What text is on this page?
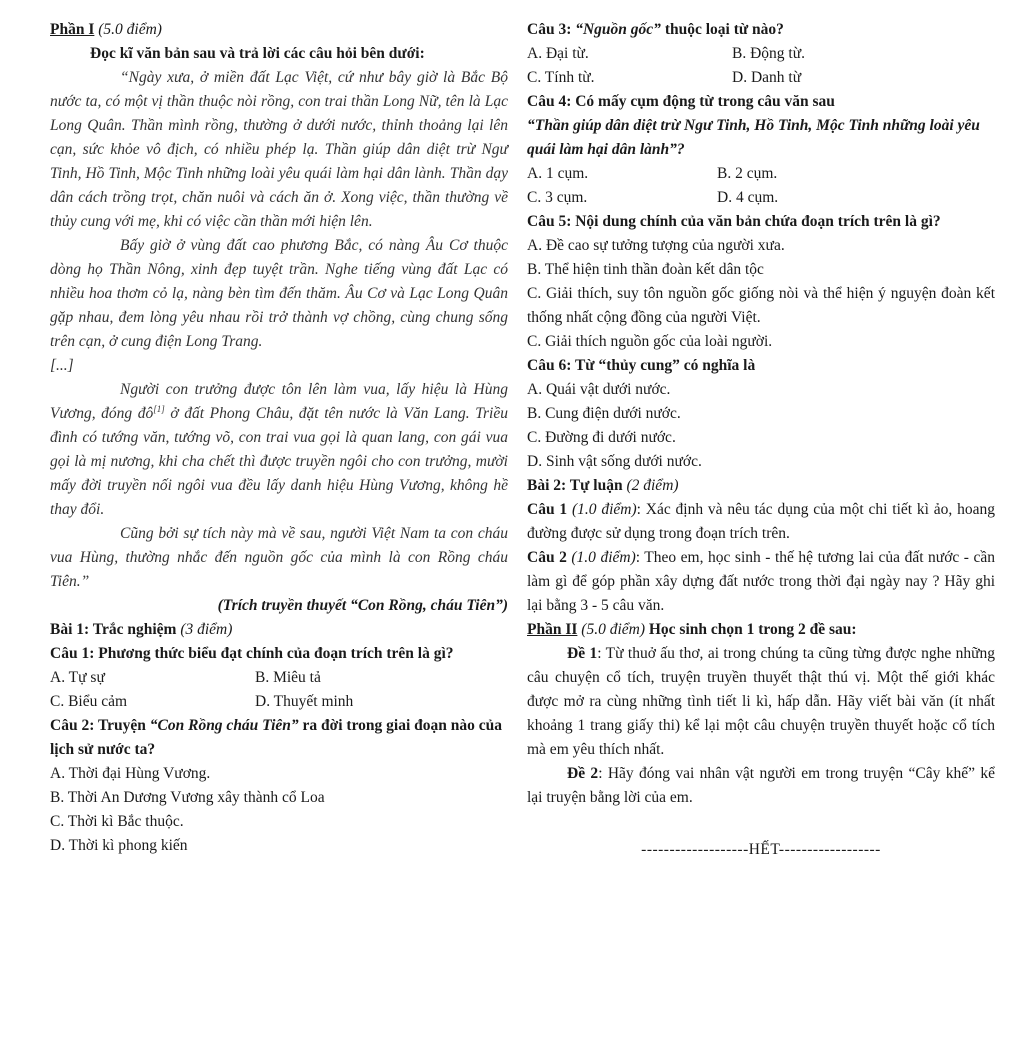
Phần I (5.0 điểm)

Đọc kĩ văn bản sau và trả lời các câu hỏi bên dưới:

“Ngày xưa, ở miền đất Lạc Việt, cứ như bây giờ là Bắc Bộ nước ta, có một vị thần thuộc nòi rồng, con trai thần Long Nữ, tên là Lạc Long Quân. Thần mình rồng, thường ở dưới nước, thỉnh thoảng lại lên cạn, sức khỏe vô địch, có nhiều phép lạ. Thần giúp dân diệt trừ Ngư Tinh, Hồ Tinh, Mộc Tinh những loài yêu quái làm hại dân lành. Thần dạy dân cách trồng trọt, chăn nuôi và cách ăn ở. Xong việc, thần thường về thủy cung với mẹ, khi có việc cần thần mới hiện lên.

Bấy giờ ở vùng đất cao phương Bắc, có nàng Âu Cơ thuộc dòng họ Thần Nông, xinh đẹp tuyệt trần. Nghe tiếng vùng đất Lạc có nhiều hoa thơm cỏ lạ, nàng bèn tìm đến thăm. Âu Cơ và Lạc Long Quân gặp nhau, đem lòng yêu nhau rồi trở thành vợ chồng, cùng chung sống trên cạn, ở cung điện Long Trang.

[...]

Người con trưởng được tôn lên làm vua, lấy hiệu là Hùng Vương, đóng đô[1] ở đất Phong Châu, đặt tên nước là Văn Lang. Triều đình có tướng văn, tướng võ, con trai vua gọi là quan lang, con gái vua gọi là mị nương, khi cha chết thì được truyền ngôi cho con trưởng, mười mấy đời truyền nối ngôi vua đều lấy danh hiệu Hùng Vương, không hề thay đổi.

Cũng bởi sự tích này mà về sau, người Việt Nam ta con cháu vua Hùng, thường nhắc đến nguồn gốc của mình là con Rồng cháu Tiên.”

(Trích truyền thuyết “Con Rồng, cháu Tiên”)

Bài 1: Trắc nghiệm (3 điểm)

Câu 1: Phương thức biểu đạt chính của đoạn trích trên là gì?

A. Tự sự	B. Miêu tả

C. Biểu cảm	D. Thuyết minh

Câu 2: Truyện “Con Rồng cháu Tiên” ra đời trong giai đoạn nào của lịch sử nước ta?

A. Thời đại Hùng Vương.

B. Thời An Dương Vương xây thành cổ Loa

C. Thời kì Bắc thuộc.

D. Thời kì phong kiến

Câu 3: “Nguồn gốc” thuộc loại từ nào?

A. Đại từ.	B. Động từ.

C. Tính từ.	D. Danh từ

Câu 4: Có mấy cụm động từ trong câu văn sau

“Thần giúp dân diệt trừ Ngư Tinh, Hồ Tinh, Mộc Tinh những loài yêu quái làm hại dân lành”?

A. 1 cụm.	B. 2 cụm.

C. 3 cụm.	D. 4 cụm.

Câu 5: Nội dung chính của văn bản chứa đoạn trích trên là gì?

A. Đề cao sự tưởng tượng của người xưa.

B. Thể hiện tinh thần đoàn kết dân tộc

C. Giải thích, suy tôn nguồn gốc giống nòi và thể hiện ý nguyện đoàn kết thống nhất cộng đồng của người Việt.

C. Giải thích nguồn gốc của loài người.

Câu 6: Từ “thủy cung” có nghĩa là

A. Quái vật dưới nước.

B. Cung điện dưới nước.

C. Đường đi dưới nước.

D. Sinh vật sống dưới nước.

Bài 2: Tự luận (2 điểm)

Câu 1 (1.0 điểm): Xác định và nêu tác dụng của một chi tiết kì ảo, hoang đường được sử dụng trong đoạn trích trên.

Câu 2 (1.0 điểm): Theo em, học sinh - thế hệ tương lai của đất nước - cần làm gì để góp phần xây dựng đất nước trong thời đại ngày nay ? Hãy ghi lại bằng 3 - 5 câu văn.

Phần II (5.0 điểm) Học sinh chọn 1 trong 2 đề sau:

Đề 1: Từ thuở ấu thơ, ai trong chúng ta cũng từng được nghe những câu chuyện cổ tích, truyện truyền thuyết thật thú vị. Một thế giới khác được mở ra cùng những tình tiết li kì, hấp dẫn. Hãy viết bài văn (ít nhất khoảng 1 trang giấy thi) kể lại một câu chuyện truyền thuyết hoặc cổ tích mà em yêu thích nhất.

Đề 2: Hãy đóng vai nhân vật người em trong truyện “Cây khế” kể lại truyện bằng lời của em.

-------------------HẾT------------------
